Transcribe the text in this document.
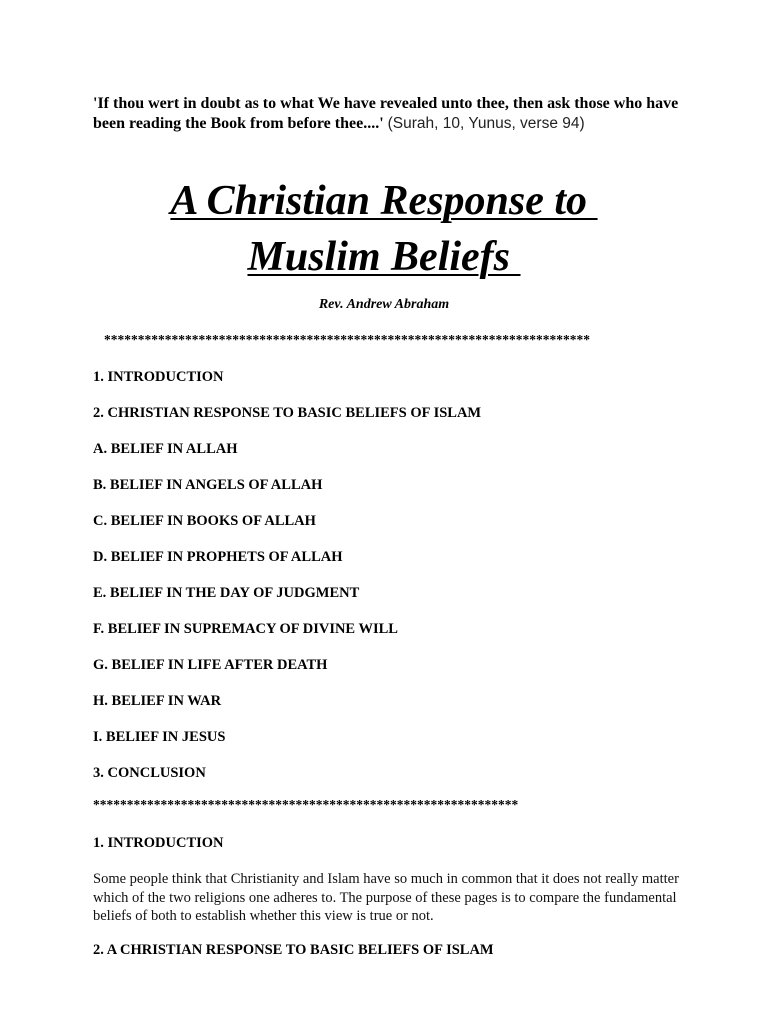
'If thou wert in doubt as to what We have revealed unto thee, then ask those who have been reading the Book from before thee....' (Surah, 10, Yunus, verse 94)
A Christian Response to
Muslim Beliefs
Rev. Andrew Abraham
************************************************************************
1. INTRODUCTION
2. CHRISTIAN RESPONSE TO BASIC BELIEFS OF ISLAM
A. BELIEF IN ALLAH
B. BELIEF IN ANGELS OF ALLAH
C. BELIEF IN BOOKS OF ALLAH
D. BELIEF IN PROPHETS OF ALLAH
E. BELIEF IN THE DAY OF JUDGMENT
F. BELIEF IN SUPREMACY OF DIVINE WILL
G. BELIEF IN LIFE AFTER DEATH
H. BELIEF IN WAR
I. BELIEF IN JESUS
3. CONCLUSION
***************************************************************
1. INTRODUCTION

Some people think that Christianity and Islam have so much in common that it does not really matter which of the two religions one adheres to. The purpose of these pages is to compare the fundamental beliefs of both to establish whether this view is true or not.

2. A CHRISTIAN RESPONSE TO BASIC BELIEFS OF ISLAM
